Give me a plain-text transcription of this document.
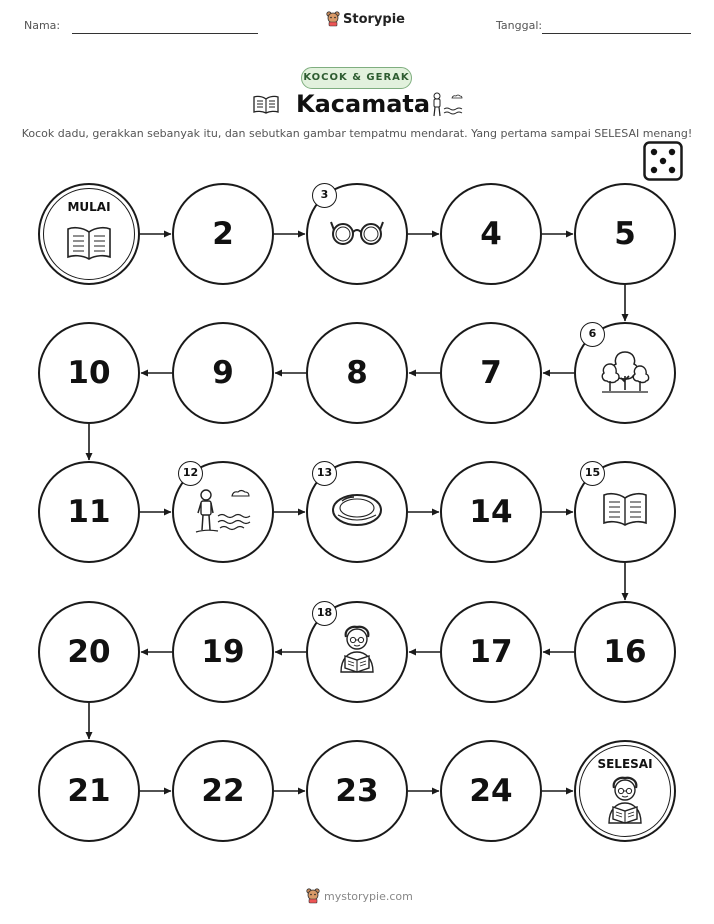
Nama:	Storypie	Tanggal:
KOCOK & GERAK
Kacamata
Kocok dadu, gerakkan sebanyak itu, dan sebutkan gambar tempatmu mendarat. Yang pertama sampai SELESAI menang!
MULAI
2
3
4	5
6
7
8
9
10
11
12	13
14
15
16
17
18
19
20
21	22	23	24
SELESAI
mystorypie.com
